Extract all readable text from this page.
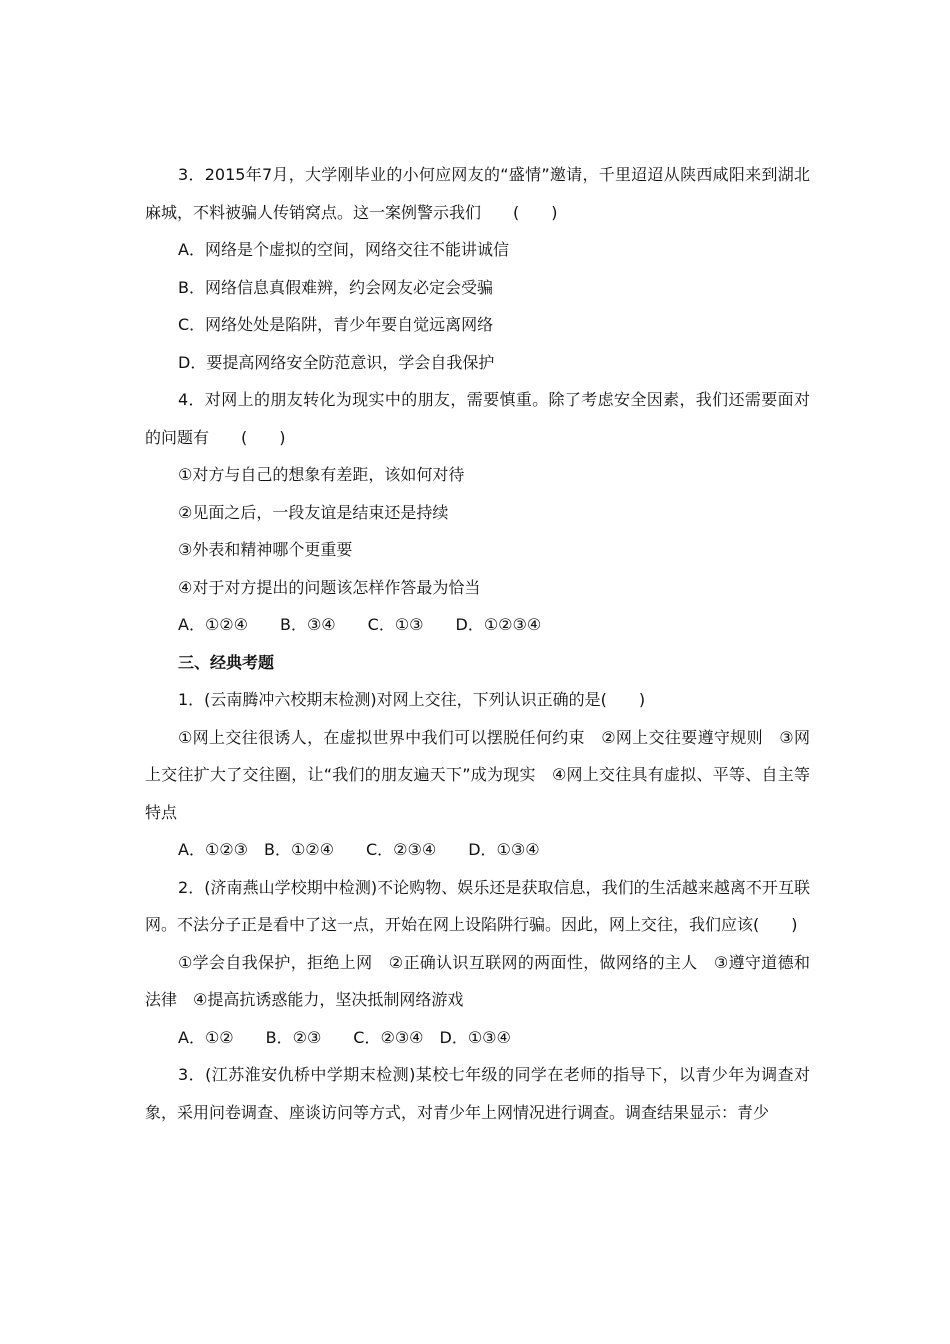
3．2015年7月，大学刚毕业的小何应网友的“盛情”邀请，千里迢迢从陕西咸阳来到湖北麻城，不料被骗人传销窝点。这一案例警示我们　　(　　)

A．网络是个虚拟的空间，网络交往不能讲诚信

B．网络信息真假难辨，约会网友必定会受骗

C．网络处处是陷阱，青少年要自觉远离网络

D．要提高网络安全防范意识，学会自我保护

4．对网上的朋友转化为现实中的朋友，需要慎重。除了考虑安全因素，我们还需要面对的问题有　　(　　)

①对方与自己的想象有差距，该如何对待

②见面之后，一段友谊是结束还是持续

③外表和精神哪个更重要

④对于对方提出的问题该怎样作答最为恰当

A．①②④　　B．③④　　C．①③　　D．①②③④

三、经典考题

1．(云南腾冲六校期末检测)对网上交往，下列认识正确的是(　　)

①网上交往很诱人，在虚拟世界中我们可以摆脱任何约束　②网上交往要遵守规则　③网上交往扩大了交往圈，让“我们的朋友遍天下”成为现实　④网上交往具有虚拟、平等、自主等特点

A．①②③　B．①②④　　C．②③④　　D．①③④

2．(济南燕山学校期中检测)不论购物、娱乐还是获取信息，我们的生活越来越离不开互联网。不法分子正是看中了这一点，开始在网上设陷阱行骗。因此，网上交往，我们应该(　　)

①学会自我保护，拒绝上网　②正确认识互联网的两面性，做网络的主人　③遵守道德和法律　④提高抗诱惑能力，坚决抵制网络游戏

A．①②　　B．②③　　C．②③④　D．①③④

3．(江苏淮安仇桥中学期末检测)某校七年级的同学在老师的指导下，以青少年为调查对象，采用问卷调查、座谈访问等方式，对青少年上网情况进行调查。调查结果显示：青少
